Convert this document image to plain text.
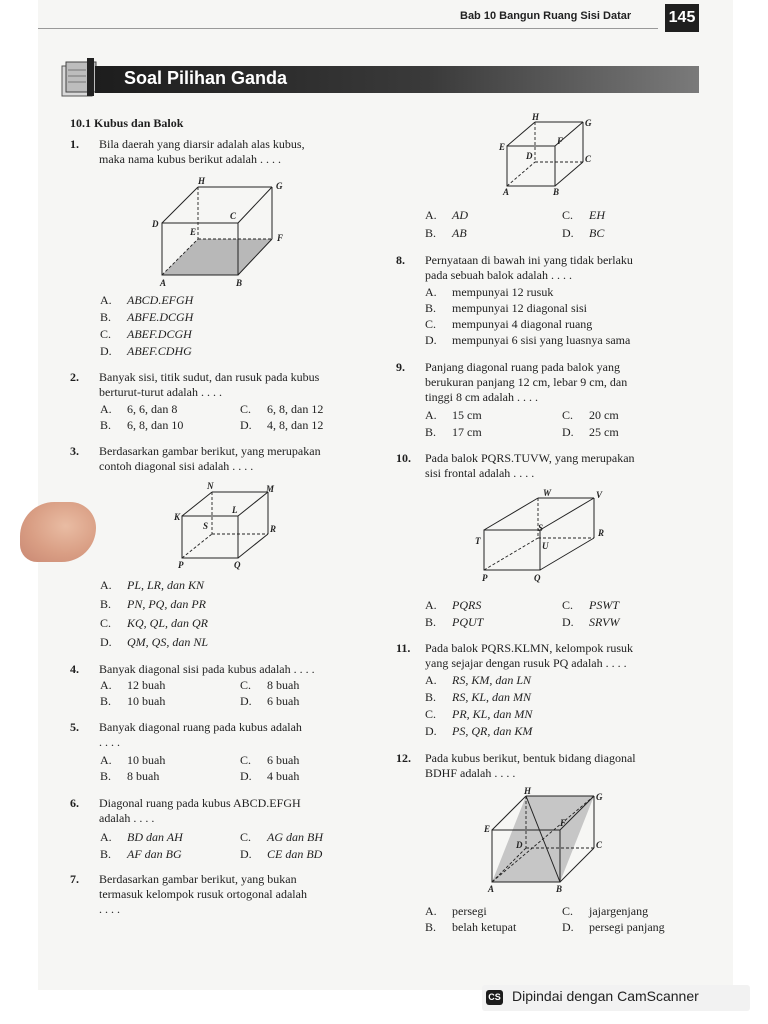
Bab 10 Bangun Ruang Sisi Datar 145
Soal Pilihan Ganda
10.1 Kubus dan Balok
1. Bila daerah yang diarsir adalah alas kubus,
maka nama kubus berikut adalah . . . .
H	G
D
C
E
F
A	B
A. ABCD.EFGH
B. ABFE.DCGH
C. ABEF.DCGH
D. ABEF.CDHG
2. Banyak sisi, titik sudut, dan rusuk pada kubus
berturut-turut adalah . . . .
A. 6, 6, dan 8	C. 6, 8, dan 12
B. 6, 8, dan 10	D. 4, 8, dan 12
3. Berdasarkan gambar berikut, yang merupakan
contoh diagonal sisi adalah . . . .
N	M
K
L
S	R
P	Q
A. PL, LR, dan KN
B. PN, PQ, dan PR
C. KQ, QL, dan QR
D. QM, QS, dan NL
4. Banyak diagonal sisi pada kubus adalah . . . .
A. 12 buah	C. 8 buah
B. 10 buah	D. 6 buah
5. Banyak diagonal ruang pada kubus adalah
. . . .
A. 10 buah	C. 6 buah
B. 8 buah	D. 4 buah
6. Diagonal ruang pada kubus ABCD.EFGH
adalah . . . .
A. BD dan AH	C. AG dan BH
B. AF dan BG	D. CE dan BD
7. Berdasarkan gambar berikut, yang bukan
termasuk kelompok rusuk ortogonal adalah
. . . .
H
G
E
F
D	C
A	B
A. AD	C. EH
B. AB	D. BC
8. Pernyataan di bawah ini yang tidak berlaku
pada sebuah balok adalah . . . .
A. mempunyai 12 rusuk
B. mempunyai 12 diagonal sisi
C. mempunyai 4 diagonal ruang
D. mempunyai 6 sisi yang luasnya sama
9. Panjang diagonal ruang pada balok yang
berukuran panjang 12 cm, lebar 9 cm, dan
tinggi 8 cm adalah . . . .
A. 15 cm	C. 20 cm
B. 17 cm	D. 25 cm
10. Pada balok PQRS.TUVW, yang merupakan
sisi frontal adalah . . . .
W	V
S	R
T	U
P	Q
A. PQRS	C. PSWT
B. PQUT	D. SRVW
11. Pada balok PQRS.KLMN, kelompok rusuk
yang sejajar dengan rusuk PQ adalah . . . .
A. RS, KM, dan LN
B. RS, KL, dan MN
C. PR, KL, dan MN
D. PS, QR, dan KM
12. Pada kubus berikut, bentuk bidang diagonal
BDHF adalah . . . .
H
G
E
F
D	C
A	B
A. persegi	C. jajargenjang
B. belah ketupat	D. persegi panjang
CS Dipindai dengan CamScanner
